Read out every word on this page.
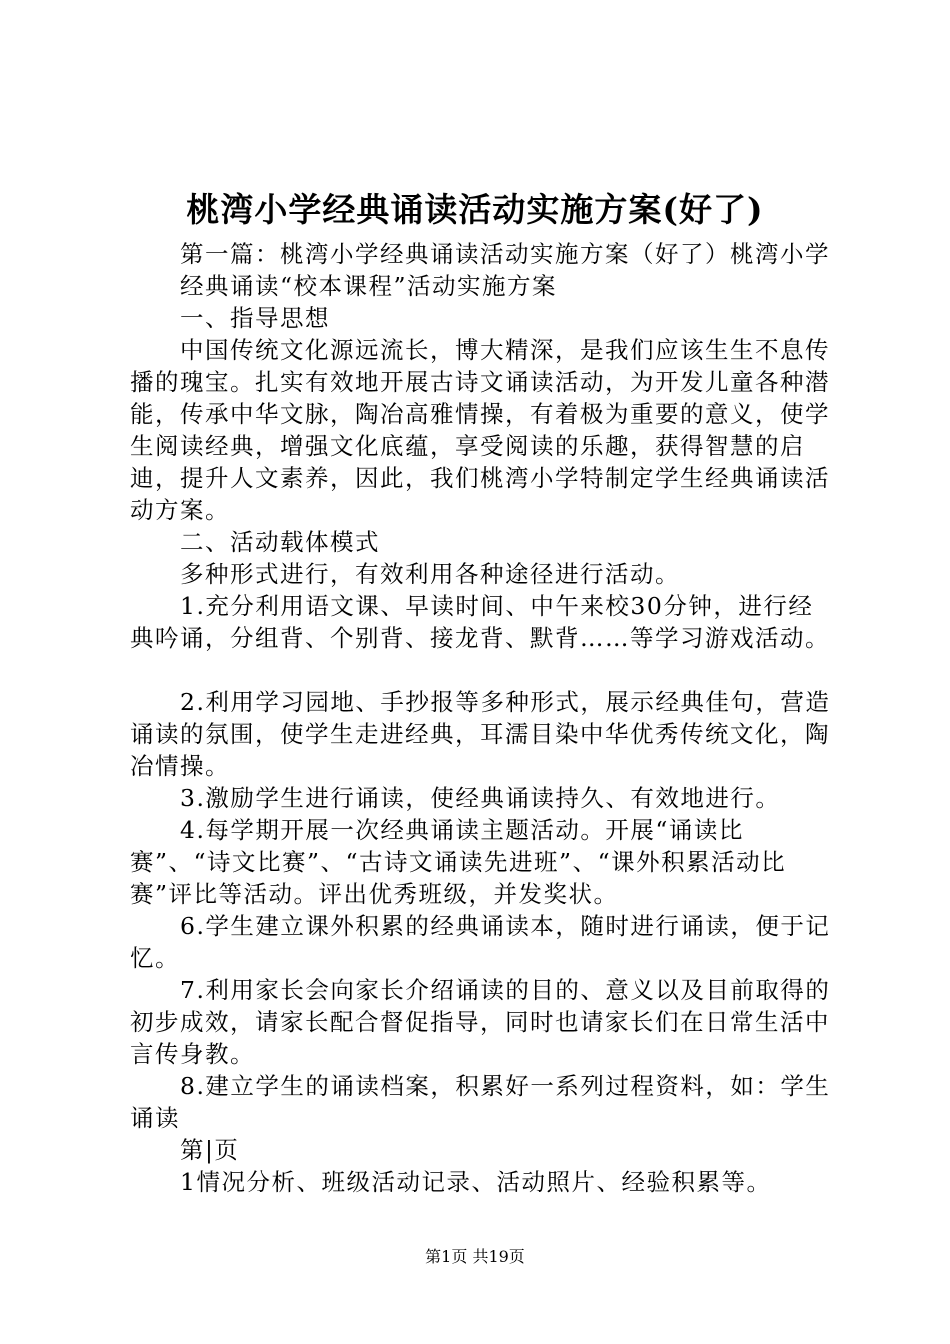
桃湾小学经典诵读活动实施方案(好了)

第一篇：桃湾小学经典诵读活动实施方案（好了）桃湾小学

经典诵读“校本课程”活动实施方案

一、指导思想

中国传统文化源远流长，博大精深，是我们应该生生不息传播的瑰宝。扎实有效地开展古诗文诵读活动，为开发儿童各种潜能，传承中华文脉，陶冶高雅情操，有着极为重要的意义，使学生阅读经典，增强文化底蕴，享受阅读的乐趣，获得智慧的启迪，提升人文素养，因此，我们桃湾小学特制定学生经典诵读活动方案。

二、活动载体模式

多种形式进行，有效利用各种途径进行活动。

1.充分利用语文课、早读时间、中午来校30分钟，进行经典吟诵，分组背、个别背、接龙背、默背……等学习游戏活动。

2.利用学习园地、手抄报等多种形式，展示经典佳句，营造诵读的氛围，使学生走进经典，耳濡目染中华优秀传统文化，陶冶情操。

3.激励学生进行诵读，使经典诵读持久、有效地进行。

4.每学期开展一次经典诵读主题活动。开展“诵读比赛”、“诗文比赛”、“古诗文诵读先进班”、“课外积累活动比赛”评比等活动。评出优秀班级，并发奖状。

6.学生建立课外积累的经典诵读本，随时进行诵读，便于记忆。

7.利用家长会向家长介绍诵读的目的、意义以及目前取得的初步成效，请家长配合督促指导，同时也请家长们在日常生活中言传身教。

8.建立学生的诵读档案，积累好一系列过程资料，如：学生诵读

第|页

1情况分析、班级活动记录、活动照片、经验积累等。

第1页 共19页
